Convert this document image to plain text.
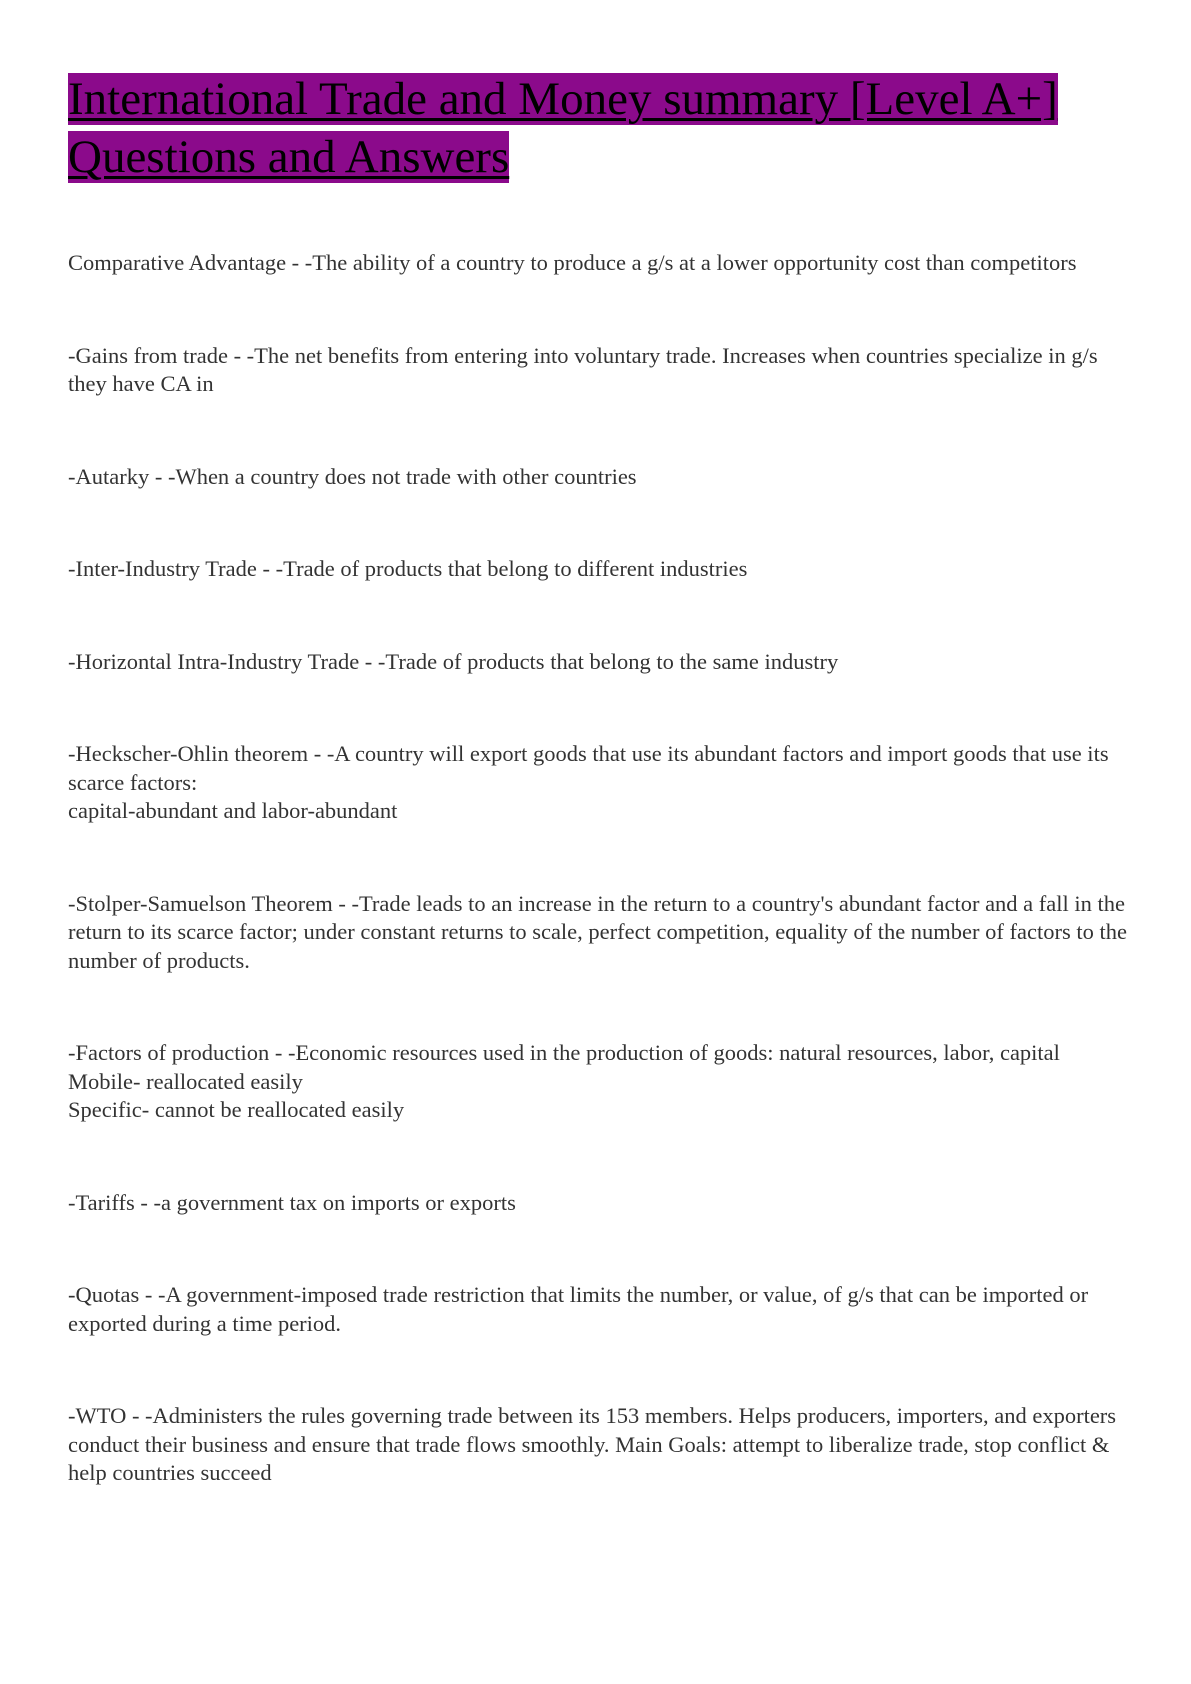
International Trade and Money summary [Level A+] Questions and Answers

Comparative Advantage - -The ability of a country to produce a g/s at a lower opportunity cost than competitors

-Gains from trade - -The net benefits from entering into voluntary trade. Increases when countries specialize in g/s they have CA in

-Autarky - -When a country does not trade with other countries

-Inter-Industry Trade - -Trade of products that belong to different industries

-Horizontal Intra-Industry Trade - -Trade of products that belong to the same industry

-Heckscher-Ohlin theorem - -A country will export goods that use its abundant factors and import goods that use its scarce factors:
capital-abundant and labor-abundant

-Stolper-Samuelson Theorem - -Trade leads to an increase in the return to a country's abundant factor and a fall in the return to its scarce factor; under constant returns to scale, perfect competition, equality of the number of factors to the number of products.

-Factors of production - -Economic resources used in the production of goods: natural resources, labor, capital
Mobile- reallocated easily
Specific- cannot be reallocated easily

-Tariffs - -a government tax on imports or exports

-Quotas - -A government-imposed trade restriction that limits the number, or value, of g/s that can be imported or exported during a time period.

-WTO - -Administers the rules governing trade between its 153 members. Helps producers, importers, and exporters conduct their business and ensure that trade flows smoothly. Main Goals: attempt to liberalize trade, stop conflict & help countries succeed
